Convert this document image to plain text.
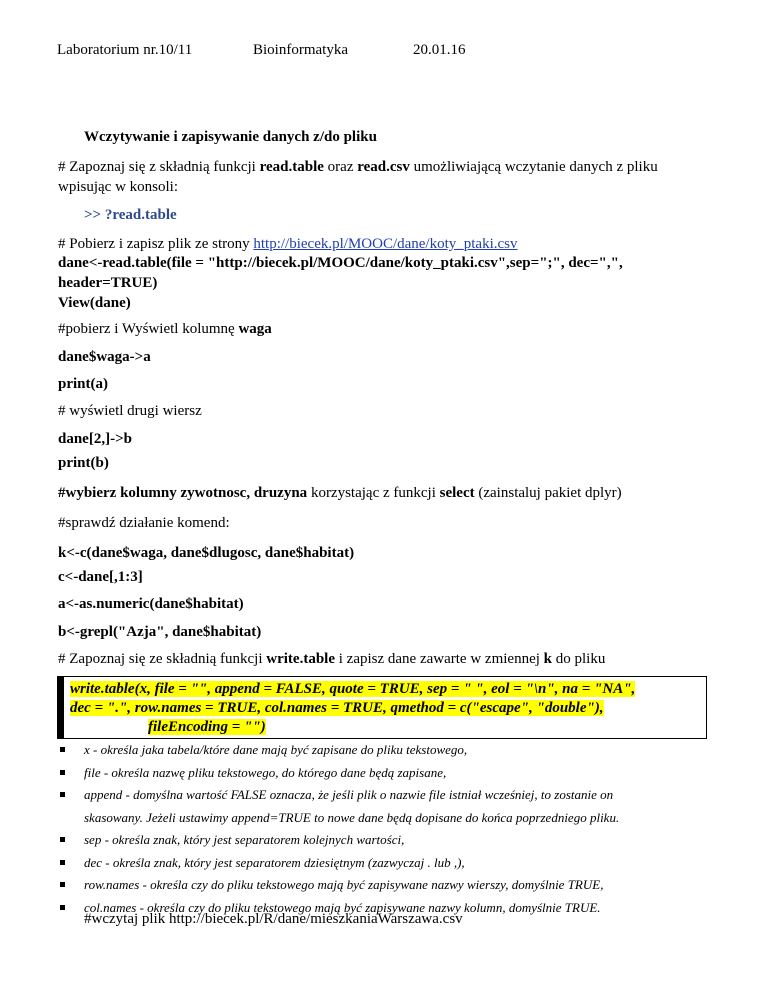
Laboratorium nr.10/11	Bioinformatyka	20.01.16
Wczytywanie i zapisywanie danych z/do pliku
# Zapoznaj się z składnią funkcji read.table oraz read.csv umożliwiającą wczytanie danych z pliku
wpisując w konsoli:
>> ?read.table
# Pobierz i zapisz plik ze strony http://biecek.pl/MOOC/dane/koty_ptaki.csv
dane<-read.table(file = "http://biecek.pl/MOOC/dane/koty_ptaki.csv",sep=";", dec=",",
header=TRUE)
View(dane)
#pobierz i Wyświetl kolumnę waga
dane$waga->a
print(a)
# wyświetl drugi wiersz
dane[2,]->b
print(b)
#wybierz kolumny zywotnosc, druzyna korzystając z funkcji select (zainstaluj pakiet dplyr)
#sprawdź działanie komend:
k<-c(dane$waga, dane$dlugosc, dane$habitat)
c<-dane[,1:3]
a<-as.numeric(dane$habitat)
write.table(x, file = "", append = FALSE, quote = TRUE, sep = " ", eol = "\n", na = "NA",
dec = ".", row.names = TRUE, col.names = TRUE, qmethod = c("escape", "double"),
fileEncoding = "")
x - określa jaka tabela/które dane mają być zapisane do pliku tekstowego,
file - określa nazwę pliku tekstowego, do którego dane będą zapisane,
append - domyślna wartość FALSE oznacza, że jeśli plik o nazwie file istniał wcześniej, to zostanie on
skasowany. Jeżeli ustawimy append=TRUE to nowe dane będą dopisane do końca poprzedniego pliku.
sep - określa znak, który jest separatorem kolejnych wartości,
dec - określa znak, który jest separatorem dziesiętnym (zazwyczaj . lub ,),
row.names - określa czy do pliku tekstowego mają być zapisywane nazwy wierszy, domyślnie TRUE,
col.names - określa czy do pliku tekstowego mają być zapisywane nazwy kolumn, domyślnie TRUE.
#wczytaj plik http://biecek.pl/R/dane/mieszkaniaWarszawa.csv
b<-grepl("Azja", dane$habitat)
# Zapoznaj się ze składnią funkcji write.table i zapisz dane zawarte w zmiennej k do pliku
